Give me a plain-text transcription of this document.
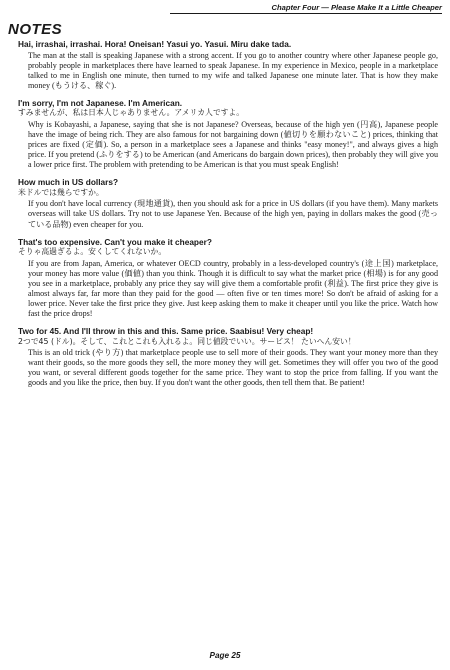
Chapter Four — Please Make It a Little Cheaper
NOTES

Hai, irrashai, irrashai. Hora! Oneisan! Yasui yo. Yasui. Miru dake tada.

The man at the stall is speaking Japanese with a strong accent. If you go to another country where other Japanese people go, probably people in marketplaces there have learned to speak Japanese. In my experience in Mexico, people in a marketplace talked to me in English one minute, then turned to my wife and talked Japanese one minute later. That is how they make money (もうける、稼ぐ).

I'm sorry, I'm not Japanese. I'm American.

すみませんが、私は日本人じゃありません。アメリカ人ですよ。

Why is Kobayashi, a Japanese, saying that she is not Japanese? Overseas, because of the high yen (円高), Japanese people have the image of being rich. They are also famous for not bargaining down (値切りを願わないこと) prices, thinking that prices are fixed (定価). So, a person in a marketplace sees a Japanese and thinks "easy money!", and always gives a high price. If you pretend (ふりをする) to be American (and Americans do bargain down prices), then probably they will give you a lower price first. The problem with pretending to be American is that you must speak English!

How much in US dollars?

米ドルでは幾らですか。

If you don't have local currency (現地通貨), then you should ask for a price in US dollars (if you have them). Many markets overseas will take US dollars. Try not to use Japanese Yen. Because of the high yen, paying in dollars makes the good (売っている品物) even cheaper for you.

That's too expensive. Can't you make it cheaper?

そりゃ高過ぎるよ。安くしてくれないか。

If you are from Japan, America, or whatever OECD country, probably in a less-developed country's (途上国) marketplace, your money has more value (価値) than you think. Though it is difficult to say what the market price (相場) is for any good you see in a marketplace, probably any price they say will give them a comfortable profit (利益). The first price they give is almost always far, far more than they paid for the good — often five or ten times more! So don't be afraid of asking for a lower price. Never take the first price they give. Just keep asking them to make it cheaper until you like the price. Watch how fast the price drops!

Two for 45. And I'll throw in this and this. Same price. Saabisu! Very cheap!

2つで45 (ドル)。そして、これとこれも入れるよ。同じ値段でいい。サービス！ たいへん安い！

This is an old trick (やり方) that marketplace people use to sell more of their goods. They want your money more than they want their goods, so the more goods they sell, the more money they will get. Sometimes they will offer you two of the good you want, or several different goods together for the same price. They want to stop the price from falling. If you want the goods and you like the price, then buy. If you don't want the other goods, then tell them that. Be patient!

Page 25
